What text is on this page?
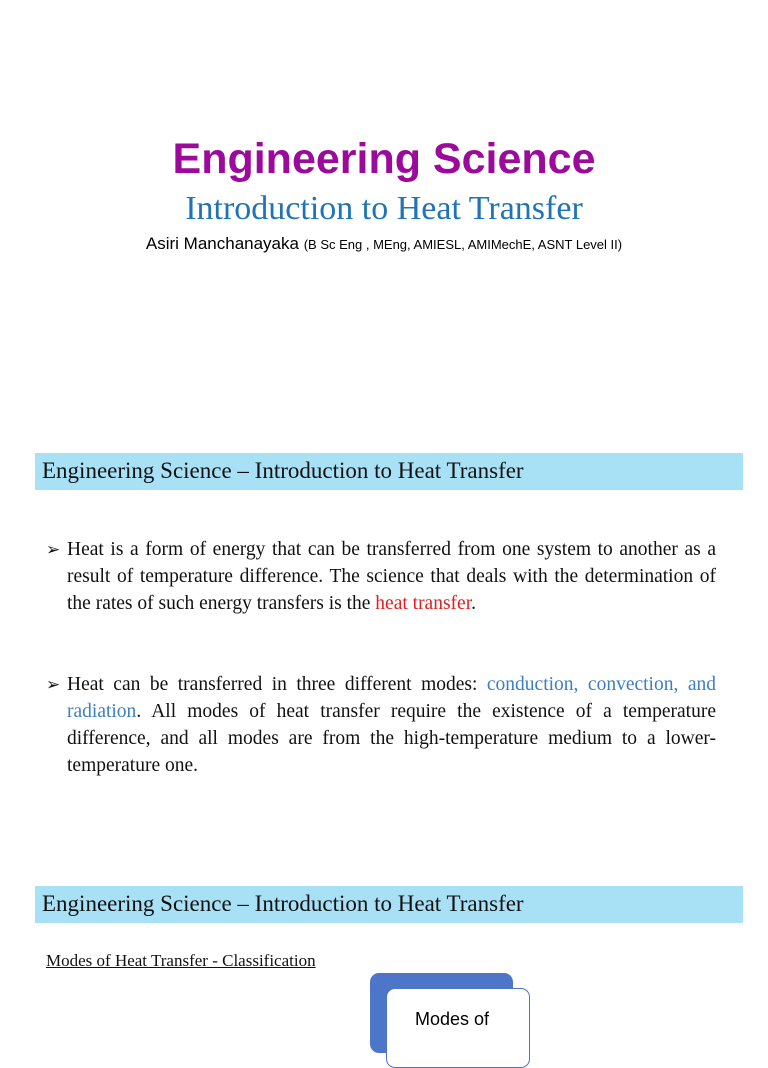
Engineering Science
Introduction to Heat Transfer
Asiri Manchanayaka (B Sc Eng , MEng, AMIESL, AMIMechE, ASNT Level II)
Engineering Science – Introduction to Heat Transfer
➢ Heat is a form of energy that can be transferred from one system to another as a result of temperature difference. The science that deals with the determination of the rates of such energy transfers is the heat transfer.
➢ Heat can be transferred in three different modes: conduction, convection, and radiation. All modes of heat transfer require the existence of a temperature difference, and all modes are from the high-temperature medium to a lower-temperature one.
Engineering Science – Introduction to Heat Transfer
Modes of Heat Transfer - Classification
Modes of
